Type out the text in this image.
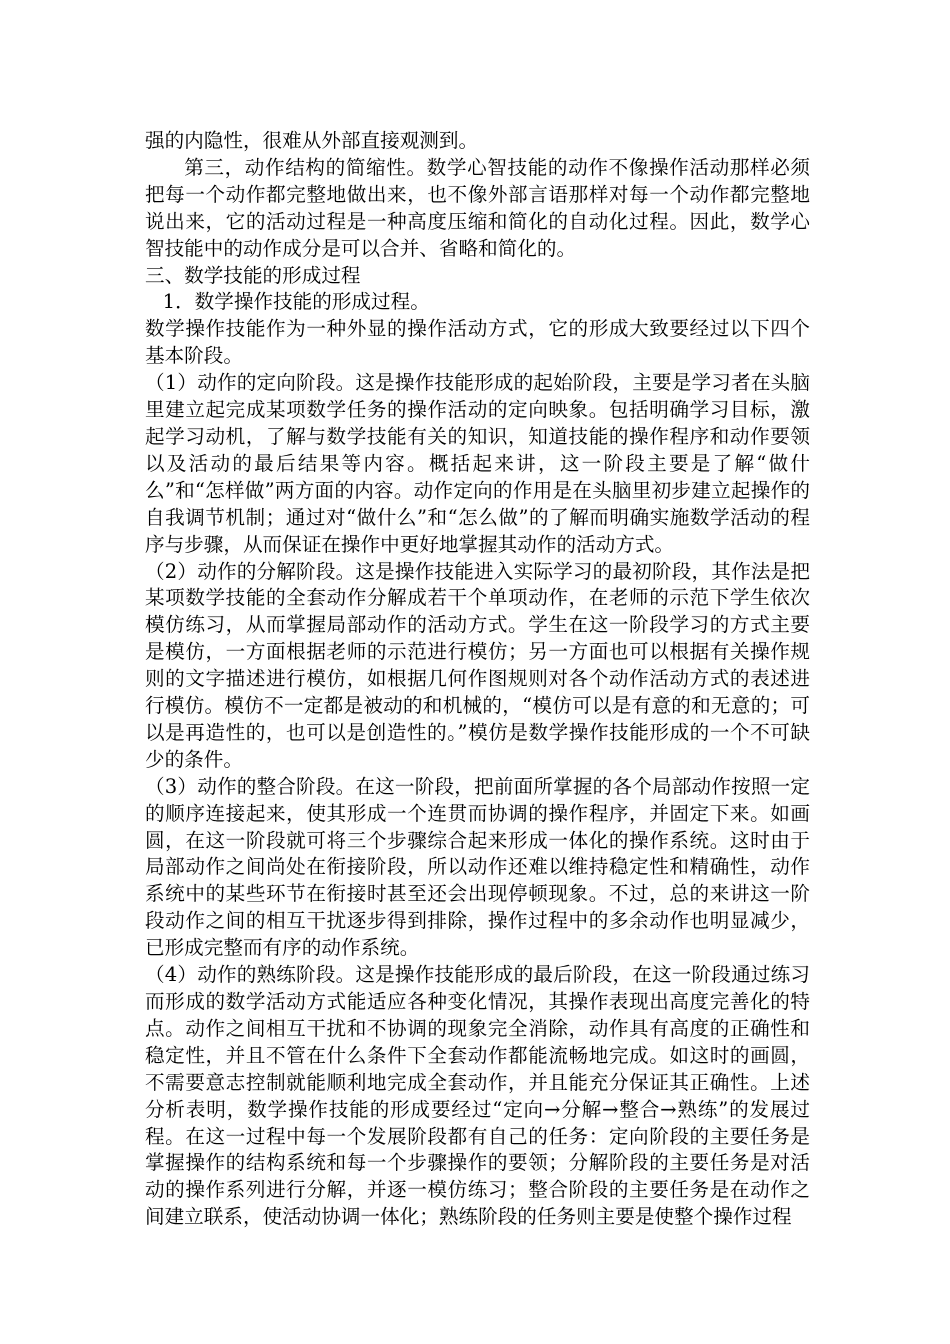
强的内隐性，很难从外部直接观测到。

第三，动作结构的简缩性。数学心智技能的动作不像操作活动那样必须把每一个动作都完整地做出来，也不像外部言语那样对每一个动作都完整地说出来，它的活动过程是一种高度压缩和简化的自动化过程。因此，数学心智技能中的动作成分是可以合并、省略和简化的。

三、数学技能的形成过程

1．数学操作技能的形成过程。

数学操作技能作为一种外显的操作活动方式，它的形成大致要经过以下四个基本阶段。

（1）动作的定向阶段。这是操作技能形成的起始阶段，主要是学习者在头脑里建立起完成某项数学任务的操作活动的定向映象。包括明确学习目标，激起学习动机，了解与数学技能有关的知识，知道技能的操作程序和动作要领以及活动的最后结果等内容。概括起来讲，这一阶段主要是了解“做什么”和“怎样做”两方面的内容。动作定向的作用是在头脑里初步建立起操作的自我调节机制；通过对“做什么”和“怎么做”的了解而明确实施数学活动的程序与步骤，从而保证在操作中更好地掌握其动作的活动方式。

（2）动作的分解阶段。这是操作技能进入实际学习的最初阶段，其作法是把某项数学技能的全套动作分解成若干个单项动作，在老师的示范下学生依次模仿练习，从而掌握局部动作的活动方式。学生在这一阶段学习的方式主要是模仿，一方面根据老师的示范进行模仿；另一方面也可以根据有关操作规则的文字描述进行模仿，如根据几何作图规则对各个动作活动方式的表述进行模仿。模仿不一定都是被动的和机械的，“模仿可以是有意的和无意的；可以是再造性的，也可以是创造性的。”模仿是数学操作技能形成的一个不可缺少的条件。

（3）动作的整合阶段。在这一阶段，把前面所掌握的各个局部动作按照一定的顺序连接起来，使其形成一个连贯而协调的操作程序，并固定下来。如画圆，在这一阶段就可将三个步骤综合起来形成一体化的操作系统。这时由于局部动作之间尚处在衔接阶段，所以动作还难以维持稳定性和精确性，动作系统中的某些环节在衔接时甚至还会出现停顿现象。不过，总的来讲这一阶段动作之间的相互干扰逐步得到排除，操作过程中的多余动作也明显减少，已形成完整而有序的动作系统。

（4）动作的熟练阶段。这是操作技能形成的最后阶段，在这一阶段通过练习而形成的数学活动方式能适应各种变化情况，其操作表现出高度完善化的特点。动作之间相互干扰和不协调的现象完全消除，动作具有高度的正确性和稳定性，并且不管在什么条件下全套动作都能流畅地完成。如这时的画圆，不需要意志控制就能顺利地完成全套动作，并且能充分保证其正确性。上述分析表明，数学操作技能的形成要经过“定向→分解→整合→熟练”的发展过程。在这一过程中每一个发展阶段都有自己的任务：定向阶段的主要任务是掌握操作的结构系统和每一个步骤操作的要领；分解阶段的主要任务是对活动的操作系列进行分解，并逐一模仿练习；整合阶段的主要任务是在动作之间建立联系，使活动协调一体化；熟练阶段的任务则主要是使整个操作过程
